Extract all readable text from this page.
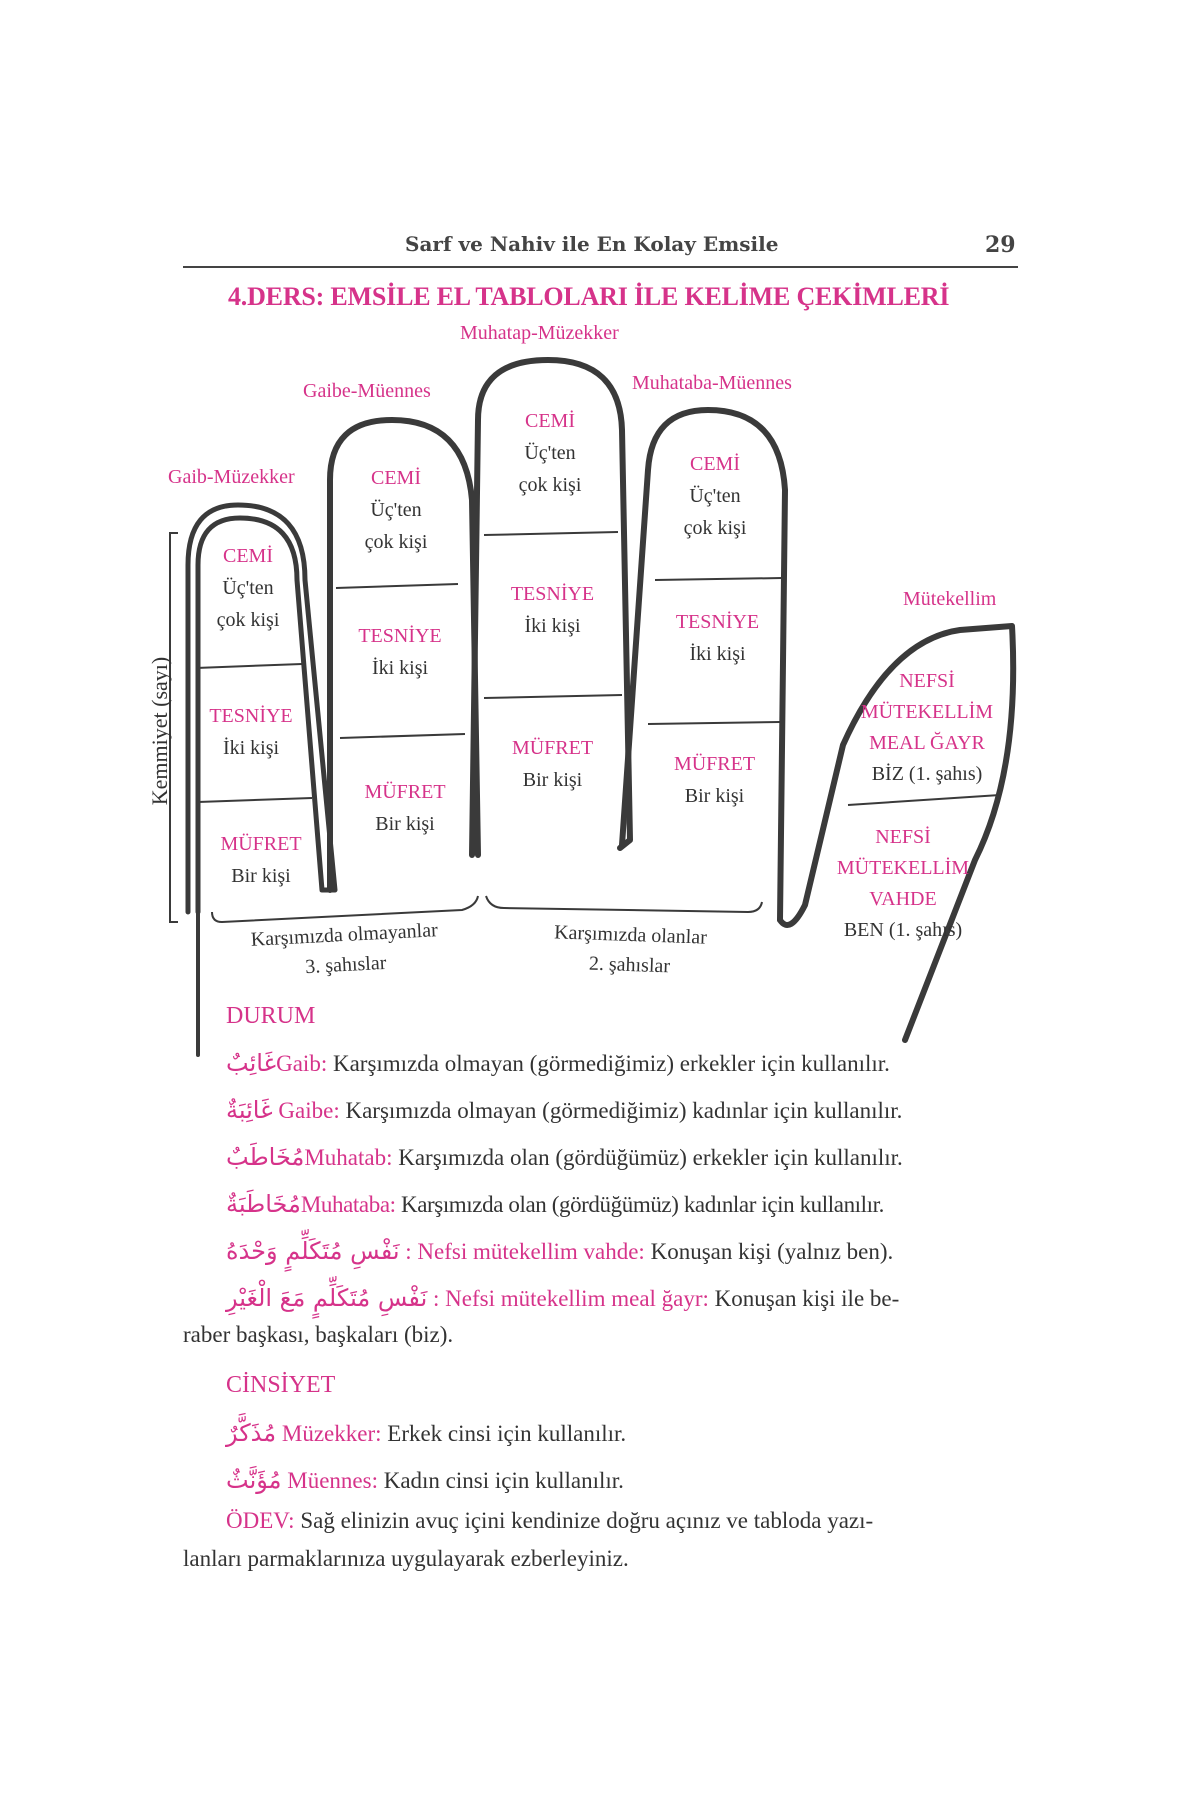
Sarf ve Nahiv ile En Kolay Emsile	29
4.DERS: EMSİLE EL TABLOLARI İLE KELİME ÇEKİMLERİ
Gaib-Müzekker
Gaibe-Müennes
Muhatap-Müzekker
Muhataba-Müennes
Mütekellim
CEMİ
Üç'ten
çok kişi
TESNİYE
İki kişi
MÜFRET
Bir kişi
CEMİ
Üç'ten
çok kişi
TESNİYE
İki kişi
MÜFRET
Bir kişi
CEMİ
Üç'ten
çok kişi
TESNİYE
İki kişi
MÜFRET
Bir kişi
CEMİ
Üç'ten
çok kişi
TESNİYE
İki kişi
MÜFRET
Bir kişi
NEFSİ
MÜTEKELLİM
MEAL ĞAYR
BİZ (1. şahıs)
NEFSİ
MÜTEKELLİM
VAHDE
BEN (1. şahıs)
Kemmiyet (sayı)
Karşımızda olmayanlar
3. şahıslar
Karşımızda olanlar
2. şahıslar
DURUM
غَائِبٌGaib: Karşımızda olmayan (görmediğimiz) erkekler için kullanılır.
غَائِبَةٌ Gaibe: Karşımızda olmayan (görmediğimiz) kadınlar için kullanılır.
مُخَاطَبٌMuhatab: Karşımızda olan (gördüğümüz) erkekler için kullanılır.
مُخَاطَبَةٌMuhataba: Karşımızda olan (gördüğümüz) kadınlar için kullanılır.
نَفْسِ مُتَكَلِّمٍ وَحْدَهُ : Nefsi mütekellim vahde: Konuşan kişi (yalnız ben).
نَفْسِ مُتَكَلِّمٍ مَعَ الْغَيْرِ : Nefsi mütekellim meal ğayr: Konuşan kişi ile be-
raber başkası, başkaları (biz).
CİNSİYET
مُذَكَّرٌ Müzekker: Erkek cinsi için kullanılır.
مُؤَنَّثٌ Müennes: Kadın cinsi için kullanılır.
ÖDEV: Sağ elinizin avuç içini kendinize doğru açınız ve tabloda yazı-
lanları parmaklarınıza uygulayarak ezberleyiniz.
